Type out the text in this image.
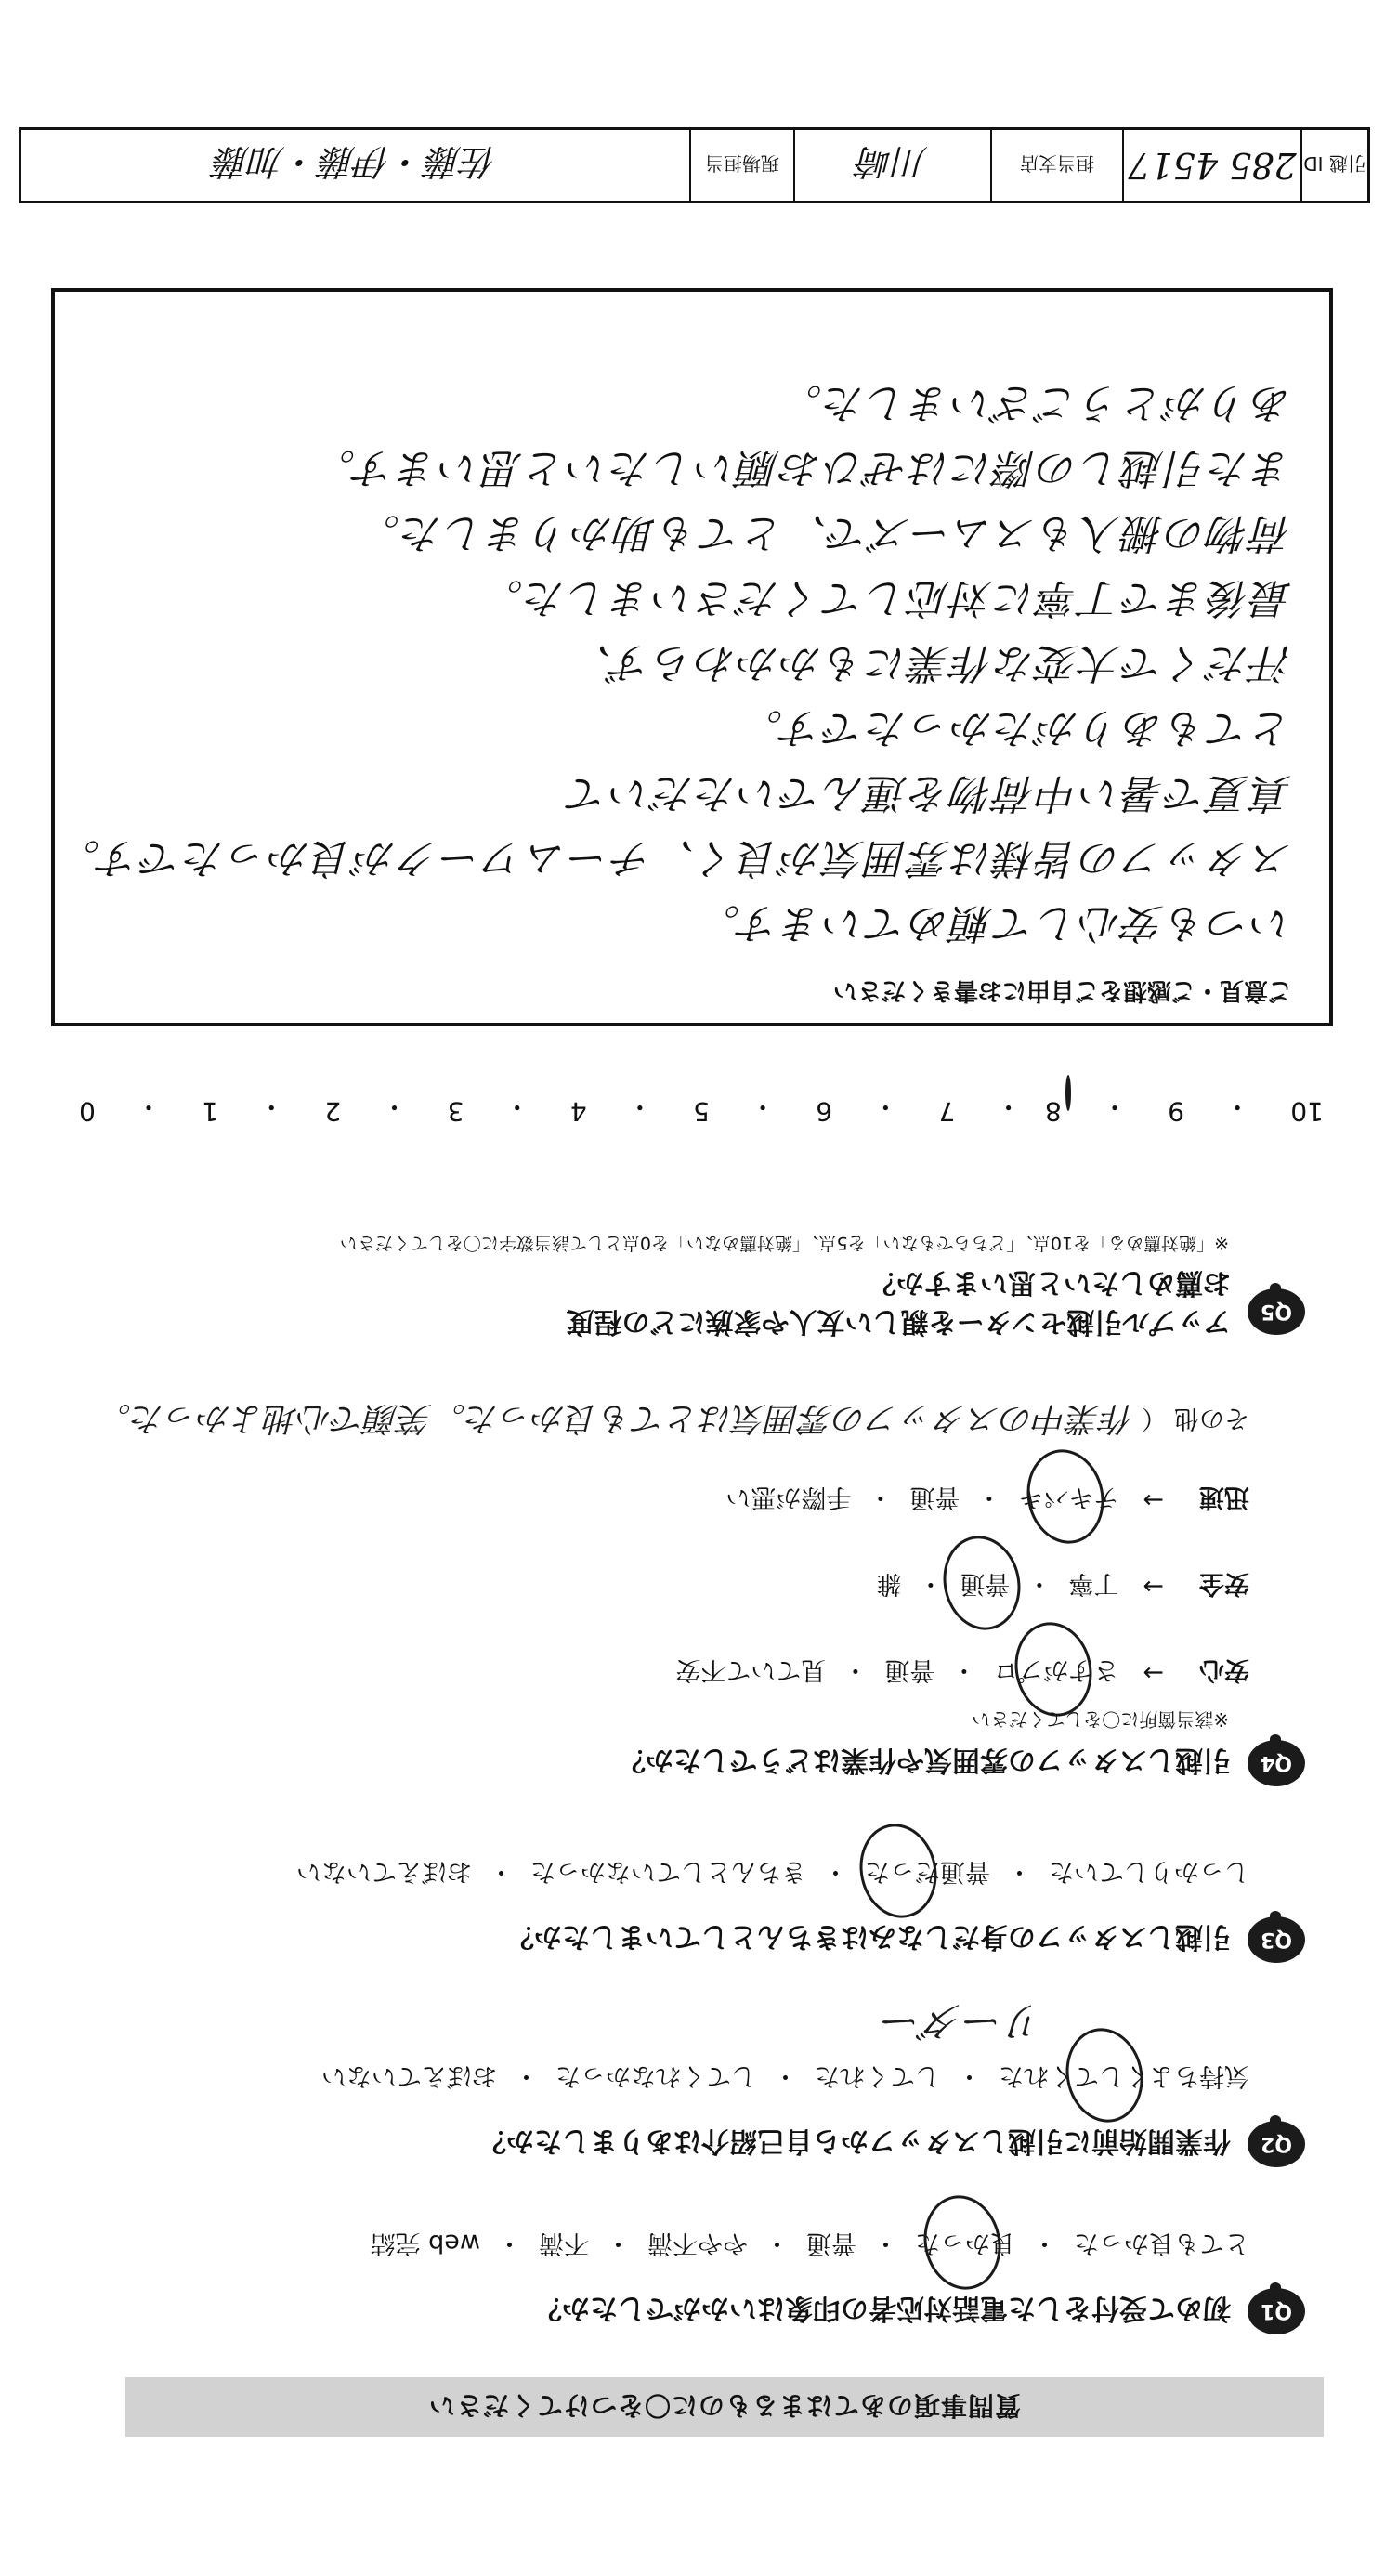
質問事項のあてはまるものに〇をつけてください
Q1
初めて受付をした電話対応者の印象はいかがでしたか？
とても良かった
・
良かった
・
普通
・
やや不満
・
不満
・
web 完結
Q2
作業開始前に引越しスタッフから自己紹介はありましたか？
気持ちよくしてくれた
・
してくれた
・
してくれなかった
・
おぼえていない
リーダー
Q3
引越しスタッフの身だしなみはきちんとしていましたか？
しっかりしていた
・
普通だった
・
きちんとしていなかった
・
おぼえていない
Q4
引越しスタッフの雰囲気や作業はどうでしたか？
※該当箇所に〇をしてください
安心
→
さすがプロ
・
普通
・
見ていて不安
安全
→
丁寧
・
普通
・
雑
迅速
→
テキパキ
・
普通
・
手際が悪い
その他
（
作業中のスタッフの雰囲気はとても良かった。笑顔で心地よかった。
Q5
アップル引越センターを親しい友人や家族にどの程度お薦めしたいと思いますか？
※「絶対薦める」を10点、「どちらでもない」を5点、「絶対薦めない」を0点として該当数字に〇をしてください
10
・
9
・
8
・
7
・
6
・
5
・
4
・
3
・
2
・
1
・
0
ご意見・ご感想をご自由にお書きください
いつも安心して頼めています。
スタッフの皆様は雰囲気が良く、チームワークが良かったです。
真夏で暑い中荷物を運んでいただいて
とてもありがたかったです。
汗だくで大変な作業にもかかわらず、
最後まで丁寧に対応してくださいました。
荷物の搬入もスムーズで、とても助かりました。
また引越しの際にはぜひお願いしたいと思います。
ありがとうございました。
引越 ID
285 4517
担当支店
川崎
現場担当
佐藤・伊藤・加藤
